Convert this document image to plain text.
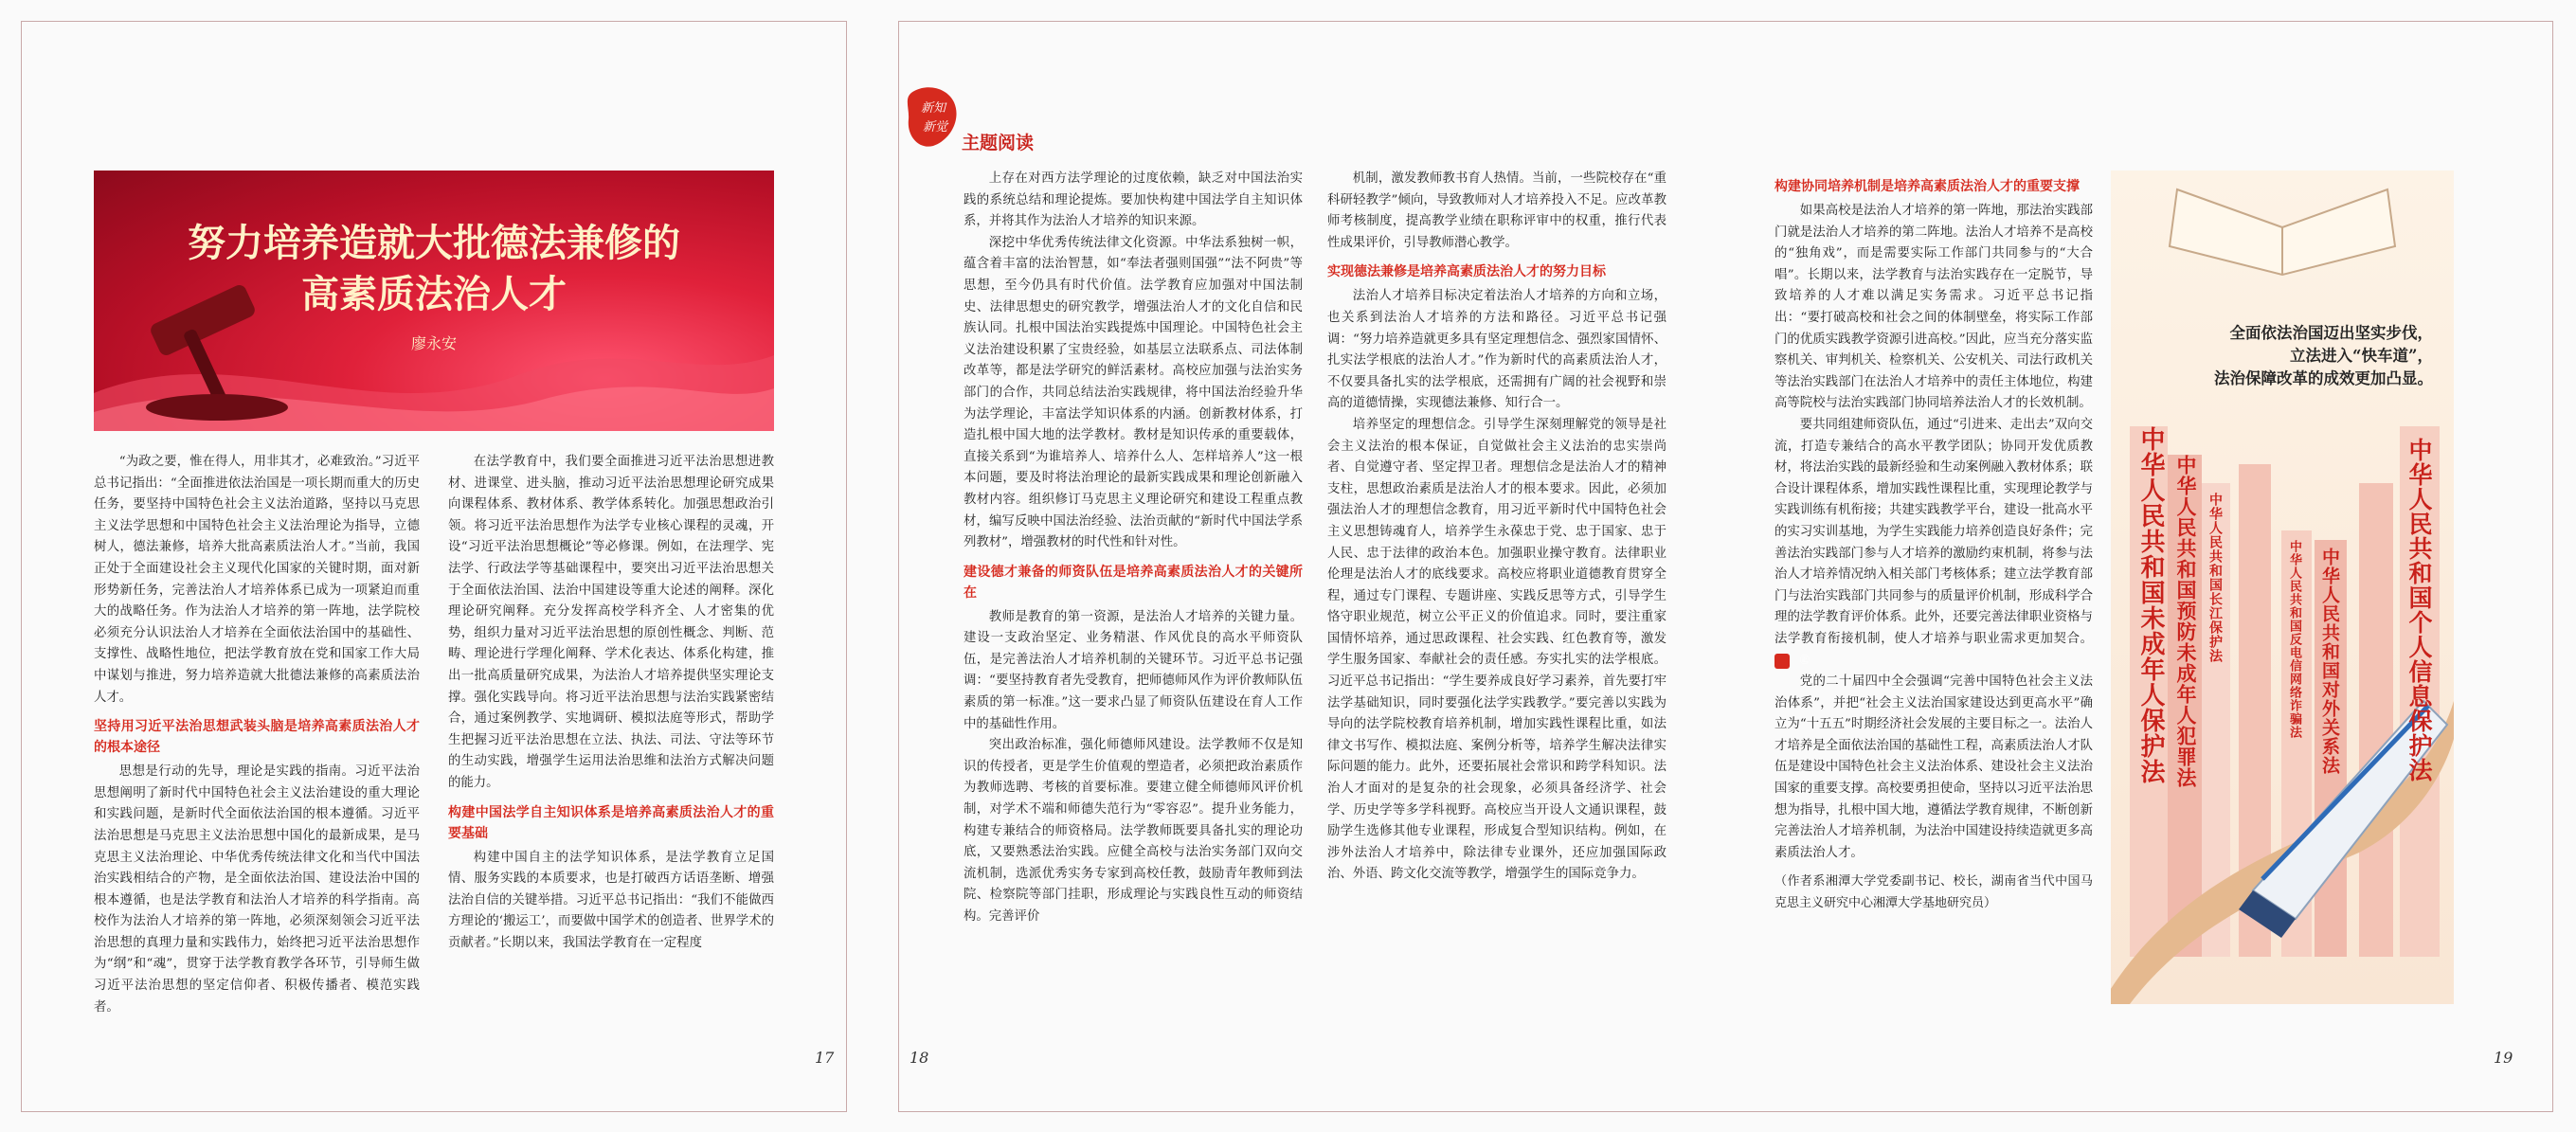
努力培养造就大批德法兼修的
高素质法治人才
廖永安

“为政之要，惟在得人，用非其才，必难致治。”习近平总书记指出：“全面推进依法治国是一项长期而重大的历史任务，要坚持中国特色社会主义法治道路，坚持以马克思主义法学思想和中国特色社会主义法治理论为指导，立德树人，德法兼修，培养大批高素质法治人才。”当前，我国正处于全面建设社会主义现代化国家的关键时期，面对新形势新任务，完善法治人才培养体系已成为一项紧迫而重大的战略任务。作为法治人才培养的第一阵地，法学院校必须充分认识法治人才培养在全面依法治国中的基础性、支撑性、战略性地位，把法学教育放在党和国家工作大局中谋划与推进，努力培养造就大批德法兼修的高素质法治人才。

坚持用习近平法治思想武装头脑是培养高素质法治人才的根本途径

思想是行动的先导，理论是实践的指南。习近平法治思想阐明了新时代中国特色社会主义法治建设的重大理论和实践问题，是新时代全面依法治国的根本遵循。习近平法治思想是马克思主义法治思想中国化的最新成果，是马克思主义法治理论、中华优秀传统法律文化和当代中国法治实践相结合的产物，是全面依法治国、建设法治中国的根本遵循，也是法学教育和法治人才培养的科学指南。高校作为法治人才培养的第一阵地，必须深刻领会习近平法治思想的真理力量和实践伟力，始终把习近平法治思想作为“纲”和“魂”，贯穿于法学教育教学各环节，引导师生做习近平法治思想的坚定信仰者、积极传播者、模范实践者。

在法学教育中，我们要全面推进习近平法治思想进教材、进课堂、进头脑，推动习近平法治思想理论研究成果向课程体系、教材体系、教学体系转化。加强思想政治引领。将习近平法治思想作为法学专业核心课程的灵魂，开设“习近平法治思想概论”等必修课。例如，在法理学、宪法学、行政法学等基础课程中，要突出习近平法治思想关于全面依法治国、法治中国建设等重大论述的阐释。深化理论研究阐释。充分发挥高校学科齐全、人才密集的优势，组织力量对习近平法治思想的原创性概念、判断、范畴、理论进行学理化阐释、学术化表达、体系化构建，推出一批高质量研究成果，为法治人才培养提供坚实理论支撑。强化实践导向。将习近平法治思想与法治实践紧密结合，通过案例教学、实地调研、模拟法庭等形式，帮助学生把握习近平法治思想在立法、执法、司法、守法等环节的生动实践，增强学生运用法治思维和法治方式解决问题的能力。

构建中国法学自主知识体系是培养高素质法治人才的重要基础

构建中国自主的法学知识体系，是法学教育立足国情、服务实践的本质要求，也是打破西方话语垄断、增强法治自信的关键举措。习近平总书记指出：“我们不能做西方理论的‘搬运工’，而要做中国学术的创造者、世界学术的贡献者。”长期以来，我国法学教育在一定程度

17
新知
新觉
主题阅读

上存在对西方法学理论的过度依赖，缺乏对中国法治实践的系统总结和理论提炼。要加快构建中国法学自主知识体系，并将其作为法治人才培养的知识来源。

深挖中华优秀传统法律文化资源。中华法系独树一帜，蕴含着丰富的法治智慧，如“奉法者强则国强”“法不阿贵”等思想，至今仍具有时代价值。法学教育应加强对中国法制史、法律思想史的研究教学，增强法治人才的文化自信和民族认同。扎根中国法治实践提炼中国理论。中国特色社会主义法治建设积累了宝贵经验，如基层立法联系点、司法体制改革等，都是法学研究的鲜活素材。高校应加强与法治实务部门的合作，共同总结法治实践规律，将中国法治经验升华为法学理论，丰富法学知识体系的内涵。创新教材体系，打造扎根中国大地的法学教材。教材是知识传承的重要载体，直接关系到“为谁培养人、培养什么人、怎样培养人”这一根本问题，要及时将法治理论的最新实践成果和理论创新融入教材内容。组织修订马克思主义理论研究和建设工程重点教材，编写反映中国法治经验、法治贡献的“新时代中国法学系列教材”，增强教材的时代性和针对性。

建设德才兼备的师资队伍是培养高素质法治人才的关键所在

教师是教育的第一资源，是法治人才培养的关键力量。建设一支政治坚定、业务精湛、作风优良的高水平师资队伍，是完善法治人才培养机制的关键环节。习近平总书记强调：“要坚持教育者先受教育，把师德师风作为评价教师队伍素质的第一标准。”这一要求凸显了师资队伍建设在育人工作中的基础性作用。

突出政治标准，强化师德师风建设。法学教师不仅是知识的传授者，更是学生价值观的塑造者，必须把政治素质作为教师选聘、考核的首要标准。要建立健全师德师风评价机制，对学术不端和师德失范行为“零容忍”。提升业务能力，构建专兼结合的师资格局。法学教师既要具备扎实的理论功底，又要熟悉法治实践。应健全高校与法治实务部门双向交流机制，选派优秀实务专家到高校任教，鼓励青年教师到法院、检察院等部门挂职，形成理论与实践良性互动的师资结构。完善评价

机制，激发教师教书育人热情。当前，一些院校存在“重科研轻教学”倾向，导致教师对人才培养投入不足。应改革教师考核制度，提高教学业绩在职称评审中的权重，推行代表性成果评价，引导教师潜心教学。

实现德法兼修是培养高素质法治人才的努力目标

法治人才培养目标决定着法治人才培养的方向和立场，也关系到法治人才培养的方法和路径。习近平总书记强调：“努力培养造就更多具有坚定理想信念、强烈家国情怀、扎实法学根底的法治人才。”作为新时代的高素质法治人才，不仅要具备扎实的法学根底，还需拥有广阔的社会视野和崇高的道德情操，实现德法兼修、知行合一。

培养坚定的理想信念。引导学生深刻理解党的领导是社会主义法治的根本保证，自觉做社会主义法治的忠实崇尚者、自觉遵守者、坚定捍卫者。理想信念是法治人才的精神支柱，思想政治素质是法治人才的根本要求。因此，必须加强法治人才的理想信念教育，用习近平新时代中国特色社会主义思想铸魂育人，培养学生永葆忠于党、忠于国家、忠于人民、忠于法律的政治本色。加强职业操守教育。法律职业伦理是法治人才的底线要求。高校应将职业道德教育贯穿全程，通过专门课程、专题讲座、实践反思等方式，引导学生恪守职业规范，树立公平正义的价值追求。同时，要注重家国情怀培养，通过思政课程、社会实践、红色教育等，激发学生服务国家、奉献社会的责任感。夯实扎实的法学根底。习近平总书记指出：“学生要养成良好学习素养，首先要打牢法学基础知识，同时要强化法学实践教学。”要完善以实践为导向的法学院校教育培养机制，增加实践性课程比重，如法律文书写作、模拟法庭、案例分析等，培养学生解决法律实际问题的能力。此外，还要拓展社会常识和跨学科知识。法治人才面对的是复杂的社会现象，必须具备经济学、社会学、历史学等多学科视野。高校应当开设人文通识课程，鼓励学生选修其他专业课程，形成复合型知识结构。例如，在涉外法治人才培养中，除法律专业课外，还应加强国际政治、外语、跨文化交流等教学，增强学生的国际竞争力。

构建协同培养机制是培养高素质法治人才的重要支撑

如果高校是法治人才培养的第一阵地，那法治实践部门就是法治人才培养的第二阵地。法治人才培养不是高校的“独角戏”，而是需要实际工作部门共同参与的“大合唱”。长期以来，法学教育与法治实践存在一定脱节，导致培养的人才难以满足实务需求。习近平总书记指出：“要打破高校和社会之间的体制壁垒，将实际工作部门的优质实践教学资源引进高校。”因此，应当充分落实监察机关、审判机关、检察机关、公安机关、司法行政机关等法治实践部门在法治人才培养中的责任主体地位，构建高等院校与法治实践部门协同培养法治人才的长效机制。

要共同组建师资队伍，通过“引进来、走出去”双向交流，打造专兼结合的高水平教学团队；协同开发优质教材，将法治实践的最新经验和生动案例融入教材体系；联合设计课程体系，增加实践性课程比重，实现理论教学与实践训练有机衔接；共建实践教学平台，建设一批高水平的实习实训基地，为学生实践能力培养创造良好条件；完善法治实践部门参与人才培养的激励约束机制，将参与法治人才培养情况纳入相关部门考核体系；建立法学教育部门与法治实践部门共同参与的质量评价机制，形成科学合理的法学教育评价体系。此外，还要完善法律职业资格与法学教育衔接机制，使人才培养与职业需求更加契合。㊣

党的二十届四中全会强调“完善中国特色社会主义法治体系”，并把“社会主义法治国家建设达到更高水平”确立为“十五五”时期经济社会发展的主要目标之一。法治人才培养是全面依法治国的基础性工程，高素质法治人才队伍是建设中国特色社会主义法治体系、建设社会主义法治国家的重要支撑。高校要勇担使命，坚持以习近平法治思想为指导，扎根中国大地，遵循法学教育规律，不断创新完善法治人才培养机制，为法治中国建设持续造就更多高素质法治人才。

（作者系湘潭大学党委副书记、校长，湖南省当代中国马克思主义研究中心湘潭大学基地研究员）

全面依法治国迈出坚实步伐，
立法进入“快车道”，
法治保障改革的成效更加凸显。
中华人民共和国未成年人保护法 中华人民共和国预防未成年人犯罪法 中华人民共和国长江保护法	中华人民共和国反电信网络诈骗法 中华人民共和国对外关系法	中华人民共和国个人信息保护法
18	19
